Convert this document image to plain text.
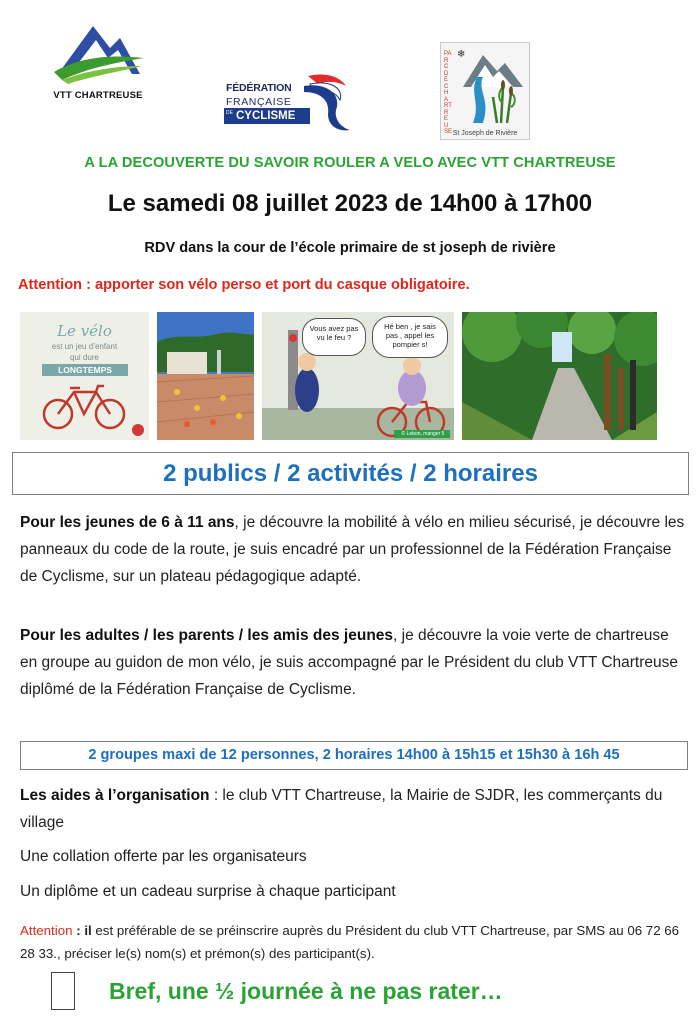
VTT CHARTREUSE
FÉDÉRATION
FRANÇAISE
CYCLISME
DE
PARC DE CHARTREUSE
❄
St Joseph de Rivière
A LA DECOUVERTE DU SAVOIR ROULER A VELO AVEC VTT CHARTREUSE
Le samedi 08 juillet 2023 de 14h00 à 17h00
RDV dans la cour de l’école primaire de st joseph de rivière
Attention : apporter son vélo perso et port du casque obligatoire.
Le vélo
est un jeu d’enfant
qui dure
LONGTEMPS
Vous avez pas vu le feu ?
Hé ben , je sais pas , appel les pompier s!
© Lebon, manger 5
2 publics / 2 activités / 2 horaires
Pour les jeunes de 6 à 11 ans, je découvre la mobilité à vélo en milieu sécurisé, je découvre les panneaux du code de la route, je suis encadré par un professionnel de la Fédération Française de Cyclisme, sur un plateau pédagogique adapté.
Pour les adultes / les parents / les amis des jeunes, je découvre la voie verte de chartreuse en groupe au guidon de mon vélo, je suis accompagné par le Président du club VTT Chartreuse diplômé de la Fédération Française de Cyclisme.
2 groupes maxi de 12 personnes, 2 horaires 14h00 à 15h15 et 15h30 à 16h 45
Les aides à l’organisation : le club VTT Chartreuse, la Mairie de SJDR, les commerçants du village
Une collation offerte par les organisateurs
Un diplôme et un cadeau surprise à chaque participant
Attention : il est préférable de se préinscrire auprès du Président du club VTT Chartreuse, par SMS au 06 72 66 28 33., préciser le(s) nom(s) et prémon(s) des participant(s).
Bref, une ½ journée à ne pas rater…
